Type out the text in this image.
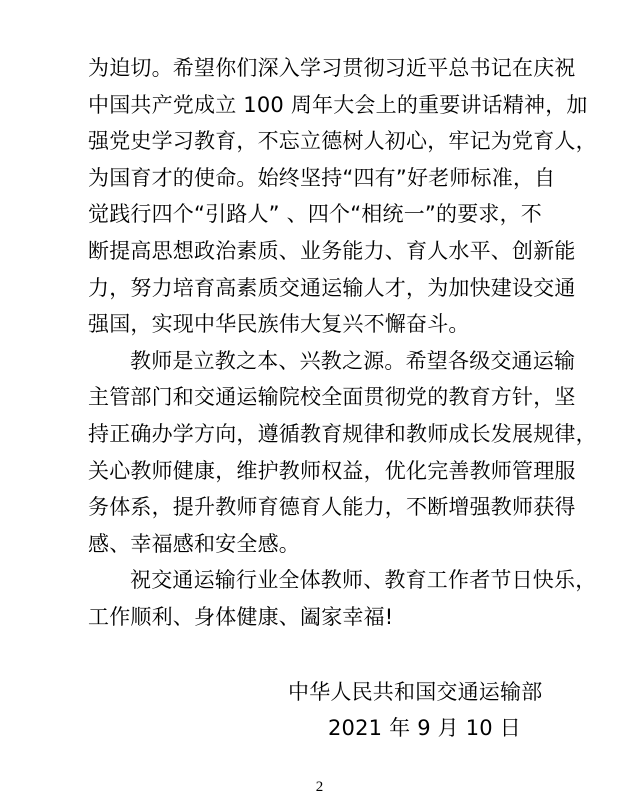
为迫切。希望你们深入学习贯彻习近平总书记在庆祝
中国共产党成立 100 周年大会上的重要讲话精神，加
强党史学习教育，不忘立德树人初心，牢记为党育人，
为国育才的使命。始终坚持“四有”好老师标准，自
觉践行四个“引路人” 、四个“相统一”的要求，不
断提高思想政治素质、业务能力、育人水平、创新能
力，努力培育高素质交通运输人才，为加快建设交通
强国，实现中华民族伟大复兴不懈奋斗。
教师是立教之本、兴教之源。希望各级交通运输
主管部门和交通运输院校全面贯彻党的教育方针，坚
持正确办学方向，遵循教育规律和教师成长发展规律，
关心教师健康，维护教师权益，优化完善教师管理服
务体系，提升教师育德育人能力，不断增强教师获得
感、幸福感和安全感。
祝交通运输行业全体教师、教育工作者节日快乐，
工作顺利、身体健康、阖家幸福!
中华人民共和国交通运输部
2021 年 9 月 10 日
2
